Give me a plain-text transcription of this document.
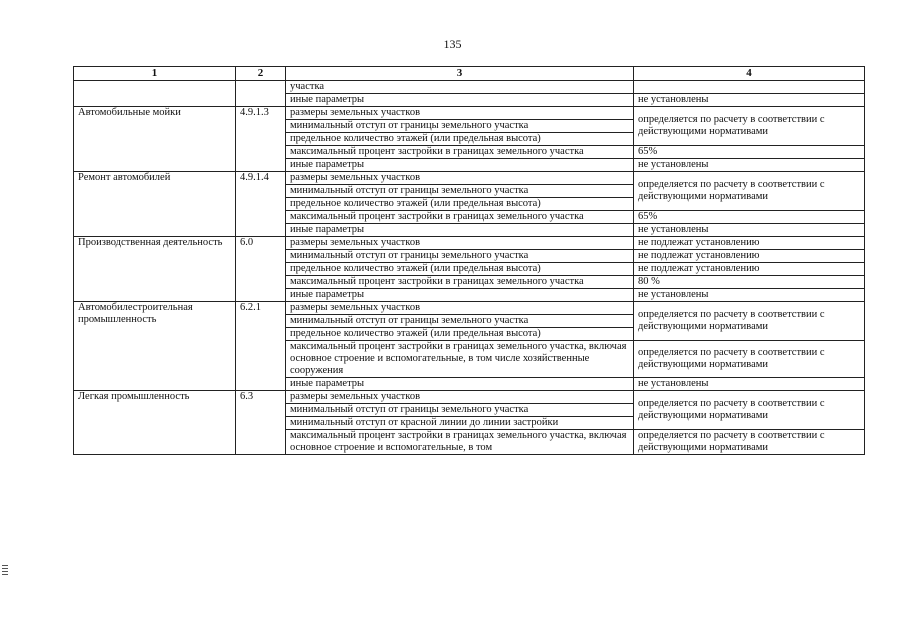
135
1	2	3	4
		участка	
		иные параметры	не установлены
Автомобильные мойки	4.9.1.3	размеры земельных участков	определяется по расчету в соответствии с действующими нормативами
		минимальный отступ от границы земельного участка	
		предельное количество этажей (или предельная высота)	
		максимальный процент застройки в границах земельного участка	65%
		иные параметры	не установлены
Ремонт автомобилей	4.9.1.4	размеры земельных участков	определяется по расчету в соответствии с действующими нормативами
		минимальный отступ от границы земельного участка	
		предельное количество этажей (или предельная высота)	
		максимальный процент застройки в границах земельного участка	65%
		иные параметры	не установлены
Производственная деятельность	6.0	размеры земельных участков	не подлежат установлению
		минимальный отступ от границы земельного участка	не подлежат установлению
		предельное количество этажей (или предельная высота)	не подлежат установлению
		максимальный процент застройки в границах земельного участка	80 %
		иные параметры	не установлены
Автомобилестроительная промышленность	6.2.1	размеры земельных участков	определяется по расчету в соответствии с действующими нормативами
		минимальный отступ от границы земельного участка	
		предельное количество этажей (или предельная высота)	
		максимальный процент застройки в границах земельного участка, включая основное строение и вспомогательные, в том числе хозяйственные сооружения	определяется по расчету в соответствии с действующими нормативами
		иные параметры	не установлены
Легкая промышленность	6.3	размеры земельных участков	определяется по расчету в соответствии с действующими нормативами
		минимальный отступ от границы земельного участка	
		минимальный отступ от красной линии до линии застройки	
		максимальный процент застройки в границах земельного участка, включая основное строение и вспомогательные, в том	определяется по расчету в соответствии с действующими нормативами
